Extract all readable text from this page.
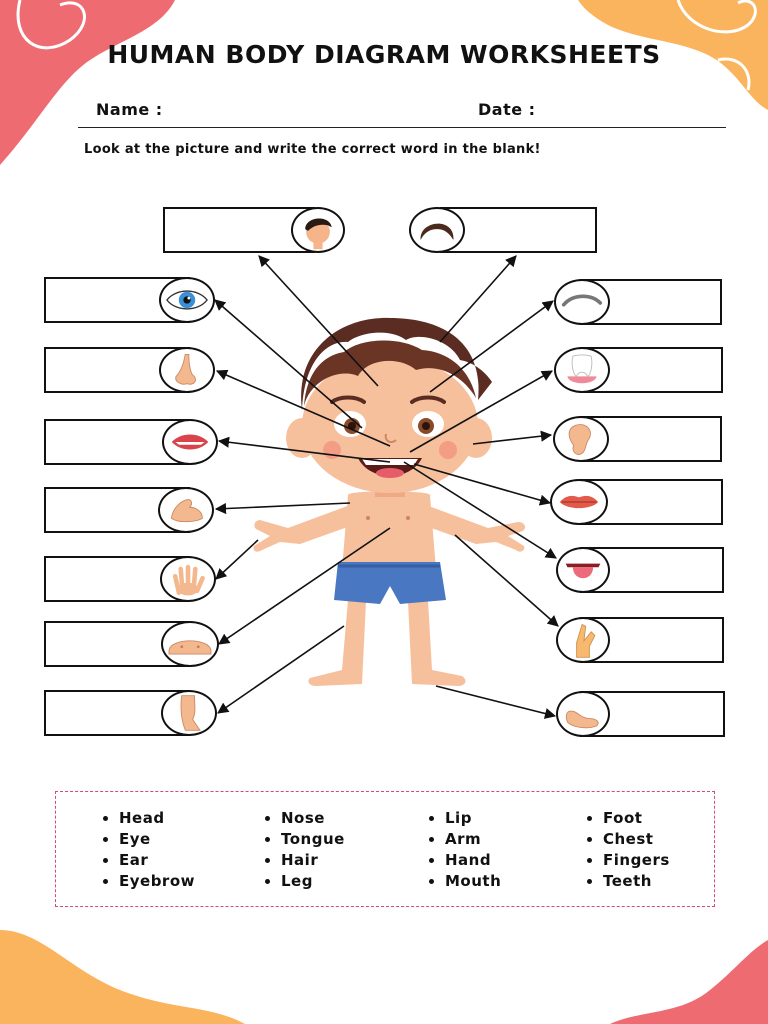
HUMAN BODY DIAGRAM WORKSHEETS
Name :	Date :
Look at the picture and write the correct word in the blank!
Head
Eye
Ear
Eyebrow
Nose
Tongue
Hair
Leg
Lip
Arm
Hand
Mouth
Foot
Chest
Fingers
Teeth
